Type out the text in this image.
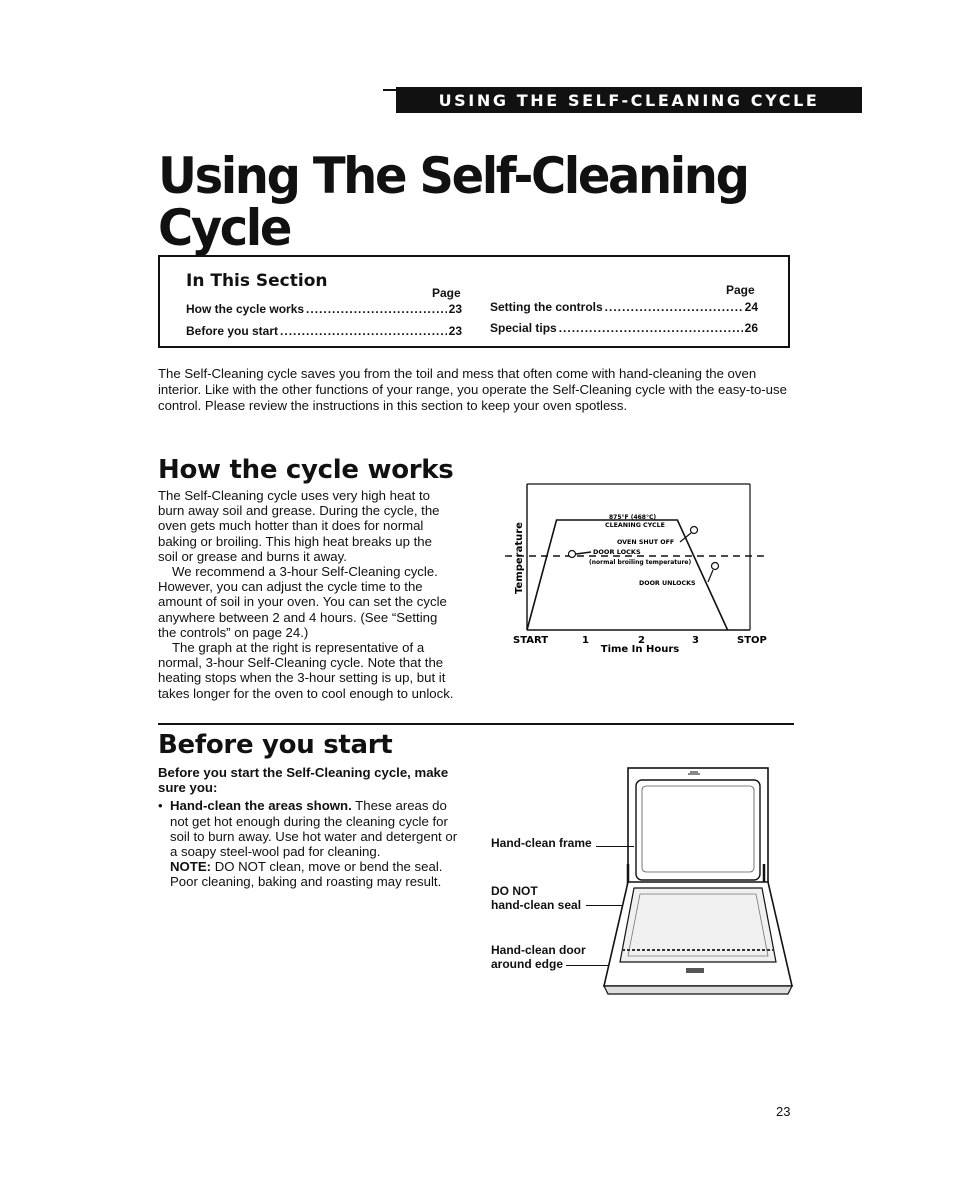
USING THE SELF-CLEANING CYCLE
Using The Self-Cleaning
Cycle
In This Section
Page	Page
How the cycle works .....	23
Before you start .....	23
Setting the controls .....	24
Special tips .....	26
The Self-Cleaning cycle saves you from the toil and mess that often come with hand-cleaning the oven interior. Like with the other functions of your range, you operate the Self-Cleaning cycle with the easy-to-use control. Please review the instructions in this section to keep your oven spotless.
How the cycle works

The Self-Cleaning cycle uses very high heat to burn away soil and grease. During the cycle, the oven gets much hotter than it does for normal baking or broiling. This high heat breaks up the soil or grease and burns it away.

We recommend a 3-hour Self-Cleaning cycle. However, you can adjust the cycle time to the amount of soil in your oven. You can set the cycle anywhere between 2 and 4 hours. (See “Setting the controls” on page 24.)

The graph at the right is representative of a normal, 3-hour Self-Cleaning cycle. Note that the heating stops when the 3-hour setting is up, but it takes longer for the oven to cool enough to unlock.

875°F (468°C)
CLEANING CYCLE
OVEN SHUT OFF
DOOR LOCKS
(normal broiling temperature)
DOOR UNLOCKS
Temperature
START	1	2	3	STOP
Time In Hours
Before you start

Before you start the Self-Cleaning cycle, make sure you:

• Hand-clean the areas shown. These areas do not get hot enough during the cleaning cycle for soil to burn away. Use hot water and detergent or a soapy steel-wool pad for cleaning.

NOTE: DO NOT clean, move or bend the seal. Poor cleaning, baking and roasting may result.

Hand-clean frame
DO NOT
hand-clean seal
Hand-clean door
around edge
23
